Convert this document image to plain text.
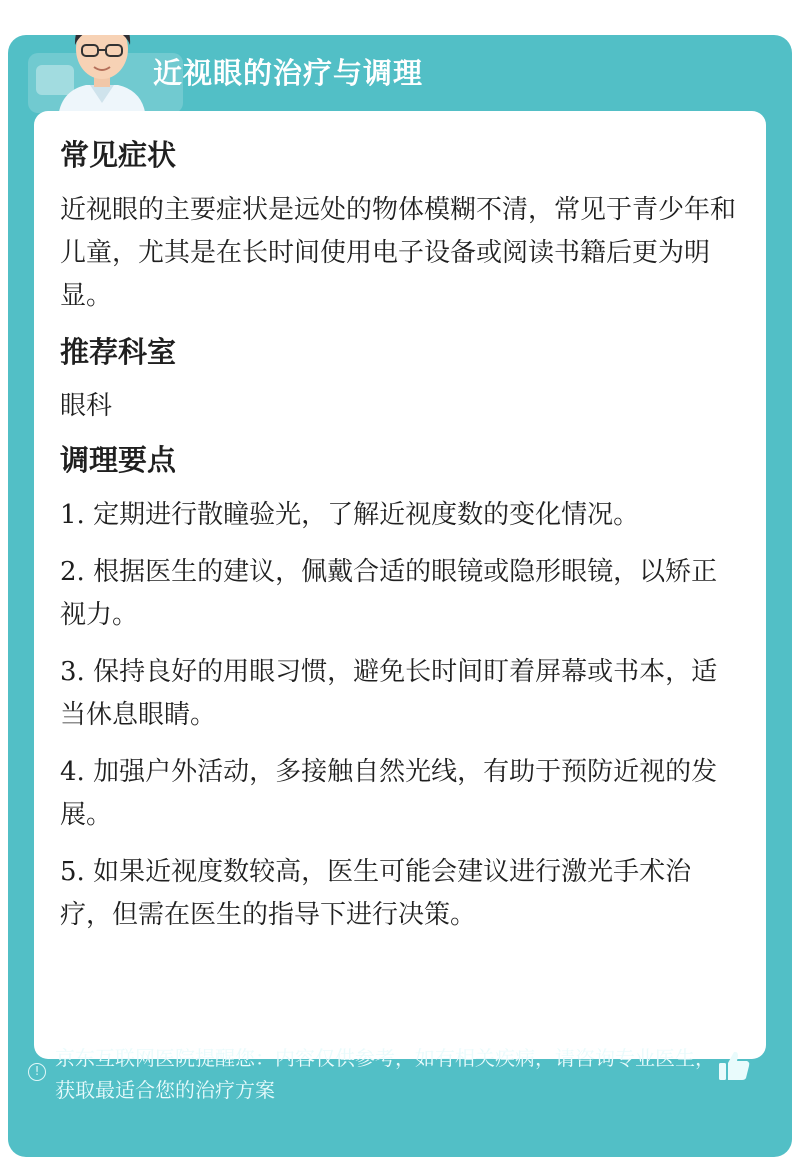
近视眼的治疗与调理
常见症状

近视眼的主要症状是远处的物体模糊不清，常见于青少年和儿童，尤其是在长时间使用电子设备或阅读书籍后更为明显。

推荐科室

眼科

调理要点

1. 定期进行散瞳验光，了解近视度数的变化情况。

2. 根据医生的建议，佩戴合适的眼镜或隐形眼镜，以矫正视力。

3. 保持良好的用眼习惯，避免长时间盯着屏幕或书本，适当休息眼睛。

4. 加强户外活动，多接触自然光线，有助于预防近视的发展。

5. 如果近视度数较高，医生可能会建议进行激光手术治疗，但需在医生的指导下进行决策。

!
京东互联网医院提醒您：内容仅供参考，如有相关疾病，请咨询专业医生，获取最适合您的治疗方案
